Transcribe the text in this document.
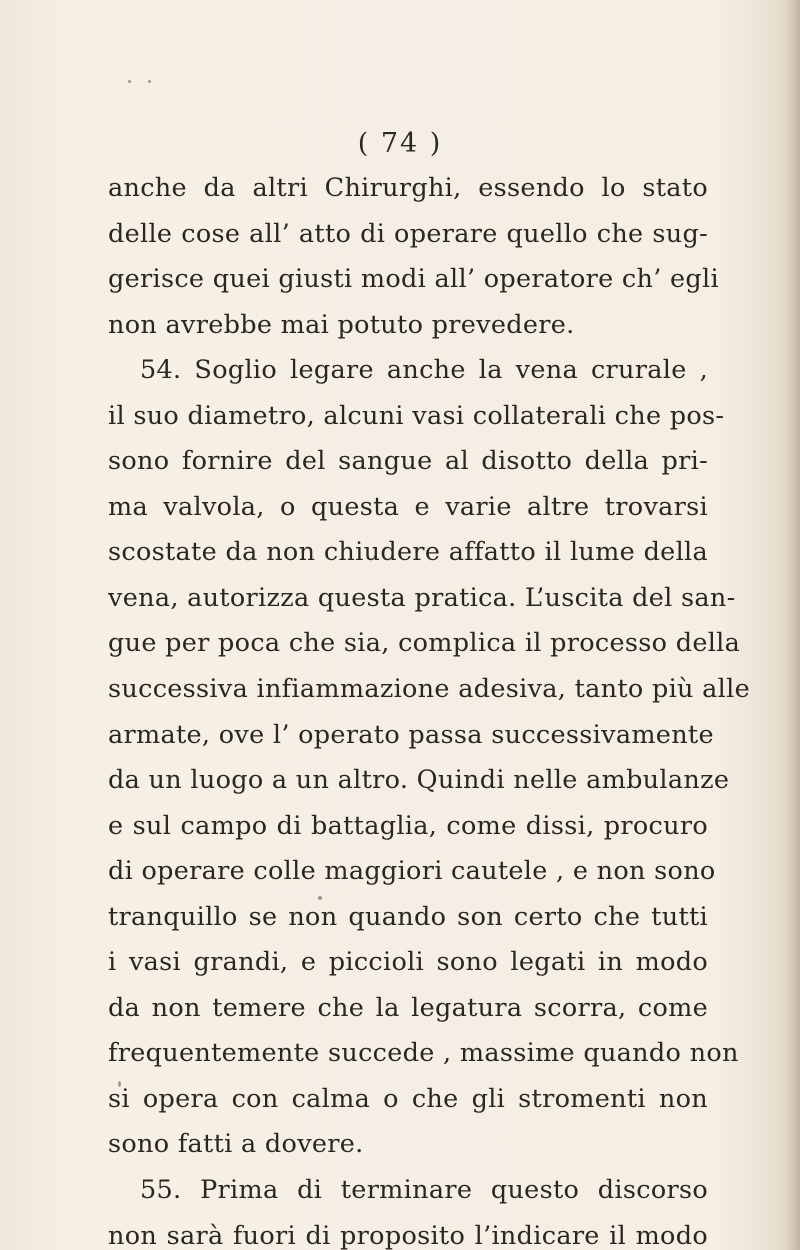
( 74 )
anche da altri Chirurghi, essendo lo stato
delle cose all’ atto di operare quello che sug-
gerisce quei giusti modi all’ operatore ch’ egli
non avrebbe mai potuto prevedere.
54. Soglio legare anche la vena crurale ,
il suo diametro, alcuni vasi collaterali che pos-
sono fornire del sangue al disotto della pri-
ma valvola, o questa e varie altre trovarsi
scostate da non chiudere affatto il lume della
vena, autorizza questa pratica. L’uscita del san-
gue per poca che sia, complica il processo della
successiva infiammazione adesiva, tanto più alle
armate, ove l’ operato passa successivamente
da un luogo a un altro. Quindi nelle ambulanze
e sul campo di battaglia, come dissi, procuro
di operare colle maggiori cautele , e non sono
tranquillo se non quando son certo che tutti
i vasi grandi, e piccioli sono legati in modo
da non temere che la legatura scorra, come
frequentemente succede , massime quando non
si opera con calma o che gli stromenti non
sono fatti a dovere.
55. Prima di terminare questo discorso
non sarà fuori di proposito l’indicare il modo
